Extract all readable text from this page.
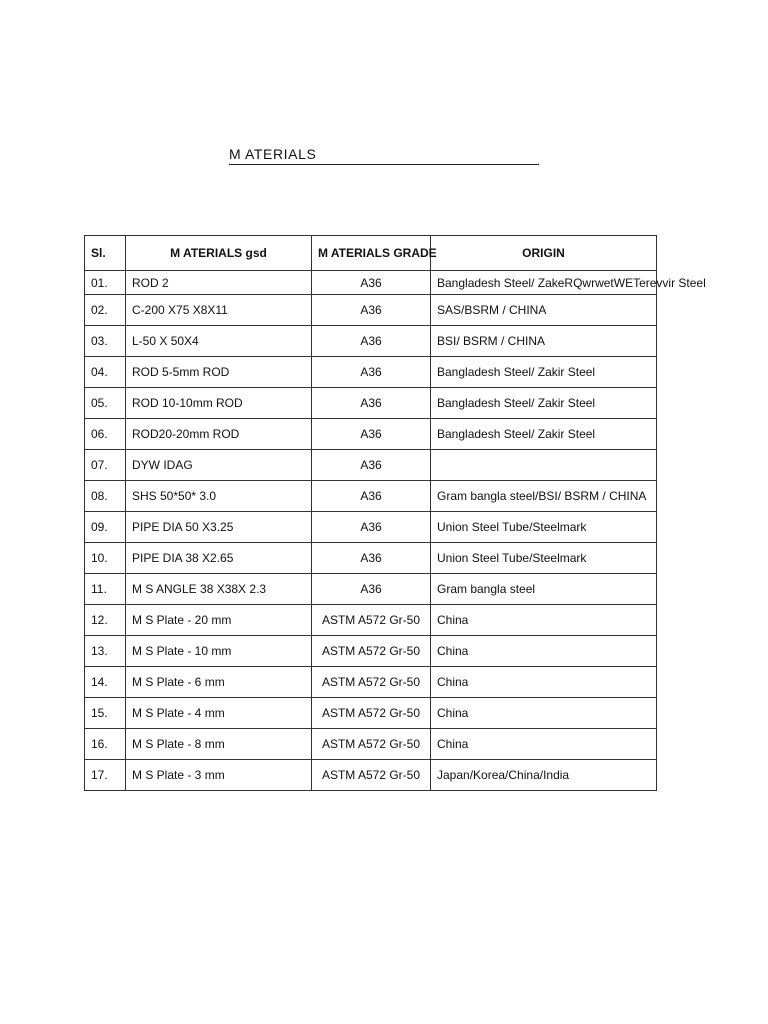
M ATERIALS
Sl.	M ATERIALS gsd	M ATERIALS GRADE	ORIGIN
01.	ROD 2	A36	Bangladesh Steel/ ZakeRQwrwetWETerevvir Steel
02.	C-200 X75 X8X11	A36	SAS/BSRM / CHINA
03.	L-50 X 50X4	A36	BSI/ BSRM / CHINA
04.	ROD 5-5mm ROD	A36	Bangladesh Steel/ Zakir Steel
05.	ROD 10-10mm ROD	A36	Bangladesh Steel/ Zakir Steel
06.	ROD20-20mm ROD	A36	Bangladesh Steel/ Zakir Steel
07.	DYW IDAG	A36	
08.	SHS 50*50* 3.0	A36	Gram bangla steel/BSI/ BSRM / CHINA
09.	PIPE DIA 50 X3.25	A36	Union Steel Tube/Steelmark
10.	PIPE DIA 38 X2.65	A36	Union Steel Tube/Steelmark
11.	M S ANGLE 38 X38X 2.3	A36	Gram bangla steel
12.	M S Plate - 20 mm	ASTM A572 Gr-50	China
13.	M S Plate - 10 mm	ASTM A572 Gr-50	China
14.	M S Plate - 6 mm	ASTM A572 Gr-50	China
15.	M S Plate - 4 mm	ASTM A572 Gr-50	China
16.	M S Plate - 8 mm	ASTM A572 Gr-50	China
17.	M S Plate - 3 mm	ASTM A572 Gr-50	Japan/Korea/China/India
